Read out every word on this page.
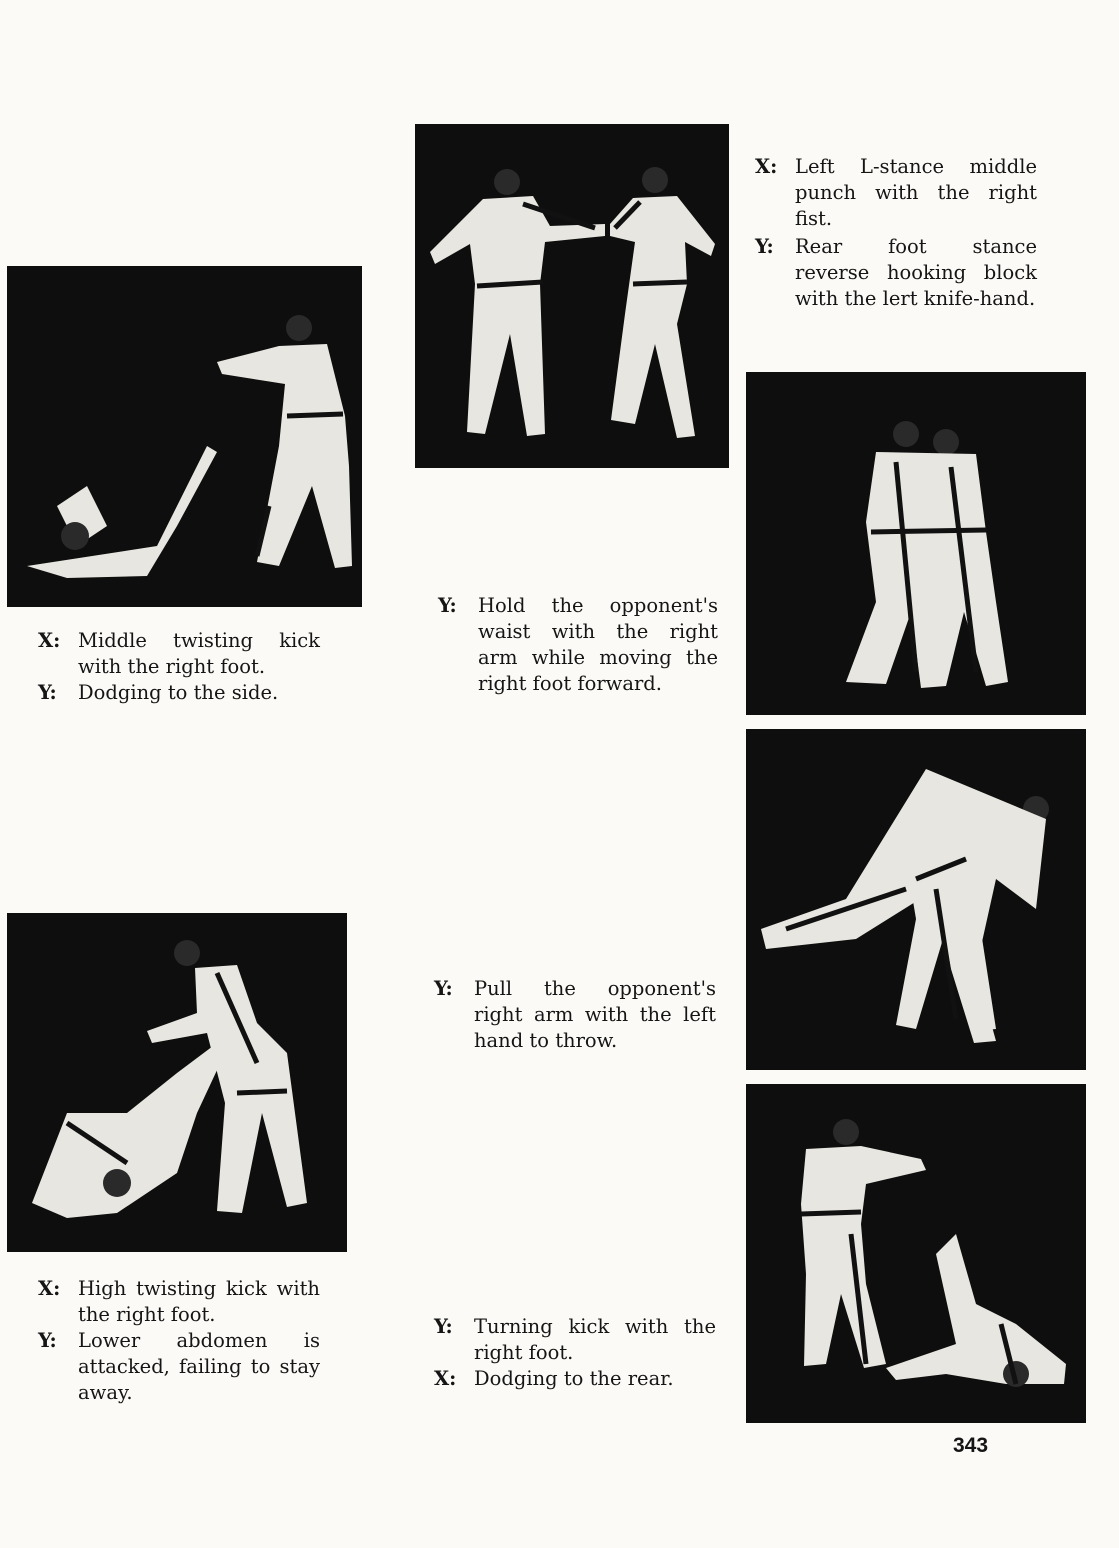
X: Left L-stance middle punch with the right fist.
Y:	Rear foot stance reverse hooking block with the lert knife-hand.
X: Middle twisting kick with the right foot.
Y:	Dodging to the side.
Y:	Hold the opponent's waist with the right arm while moving the right foot forward.
Y:	Pull the opponent's right arm with the left hand to throw.
X: High twisting kick with the right foot.
Y:	Lower abdomen is attacked, failing to stay away.
Y:	Turning kick with the right foot.
X: Dodging to the rear.
343
